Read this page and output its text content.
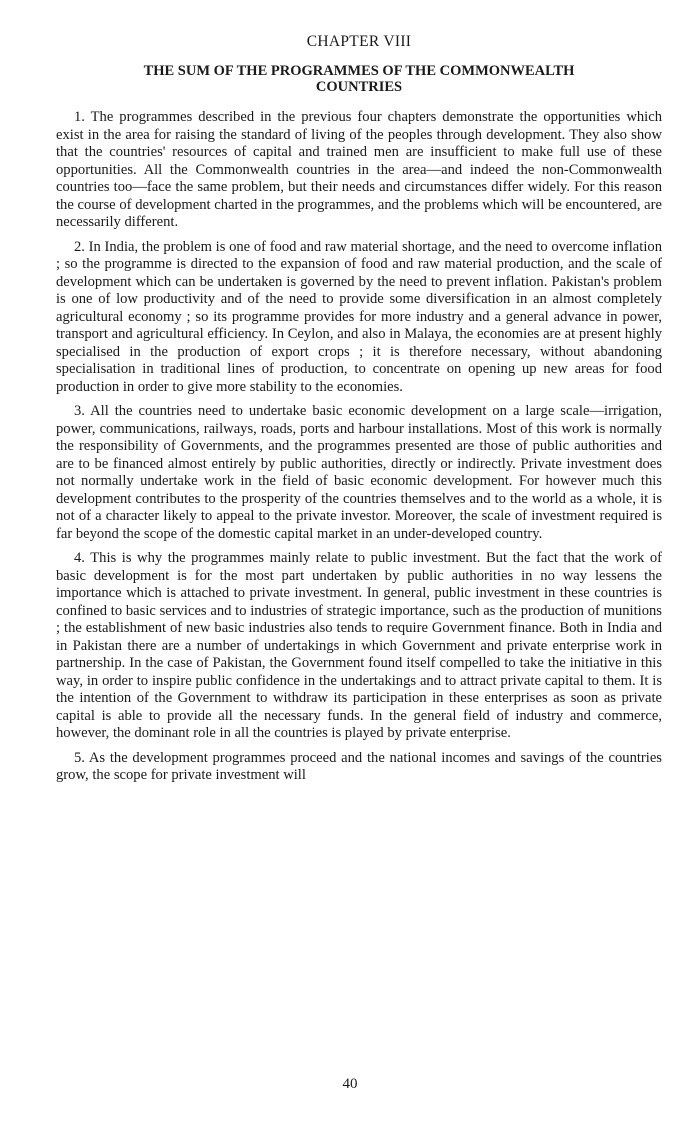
CHAPTER VIII
THE SUM OF THE PROGRAMMES OF THE COMMONWEALTH
COUNTRIES

1. The programmes described in the previous four chapters demonstrate the opportunities which exist in the area for raising the standard of living of the peoples through development. They also show that the countries' resources of capital and trained men are insufficient to make full use of these opportunities. All the Commonwealth countries in the area—and indeed the non-Commonwealth countries too—face the same problem, but their needs and circumstances differ widely. For this reason the course of development charted in the programmes, and the problems which will be encountered, are necessarily different.

2. In India, the problem is one of food and raw material shortage, and the need to overcome inflation ; so the programme is directed to the expansion of food and raw material production, and the scale of development which can be undertaken is governed by the need to prevent inflation. Pakistan's problem is one of low productivity and of the need to provide some diversification in an almost completely agricultural economy ; so its programme provides for more industry and a general advance in power, transport and agricultural efficiency. In Ceylon, and also in Malaya, the economies are at present highly specialised in the production of export crops ; it is therefore necessary, without abandoning specialisation in traditional lines of production, to concentrate on opening up new areas for food production in order to give more stability to the economies.

3. All the countries need to undertake basic economic development on a large scale—irrigation, power, communications, railways, roads, ports and harbour installations. Most of this work is normally the responsibility of Governments, and the programmes presented are those of public authorities and are to be financed almost entirely by public authorities, directly or indirectly. Private investment does not normally undertake work in the field of basic economic development. For however much this development contributes to the prosperity of the countries themselves and to the world as a whole, it is not of a character likely to appeal to the private investor. Moreover, the scale of investment required is far beyond the scope of the domestic capital market in an under-developed country.

4. This is why the programmes mainly relate to public investment. But the fact that the work of basic development is for the most part undertaken by public authorities in no way lessens the importance which is attached to private investment. In general, public investment in these countries is confined to basic services and to industries of strategic importance, such as the production of munitions ; the establishment of new basic industries also tends to require Government finance. Both in India and in Pakistan there are a number of undertakings in which Government and private enterprise work in partnership. In the case of Pakistan, the Government found itself compelled to take the initiative in this way, in order to inspire public confidence in the undertakings and to attract private capital to them. It is the intention of the Government to withdraw its participation in these enterprises as soon as private capital is able to provide all the necessary funds. In the general field of industry and commerce, however, the dominant role in all the countries is played by private enterprise.

5. As the development programmes proceed and the national incomes and savings of the countries grow, the scope for private investment will

40
